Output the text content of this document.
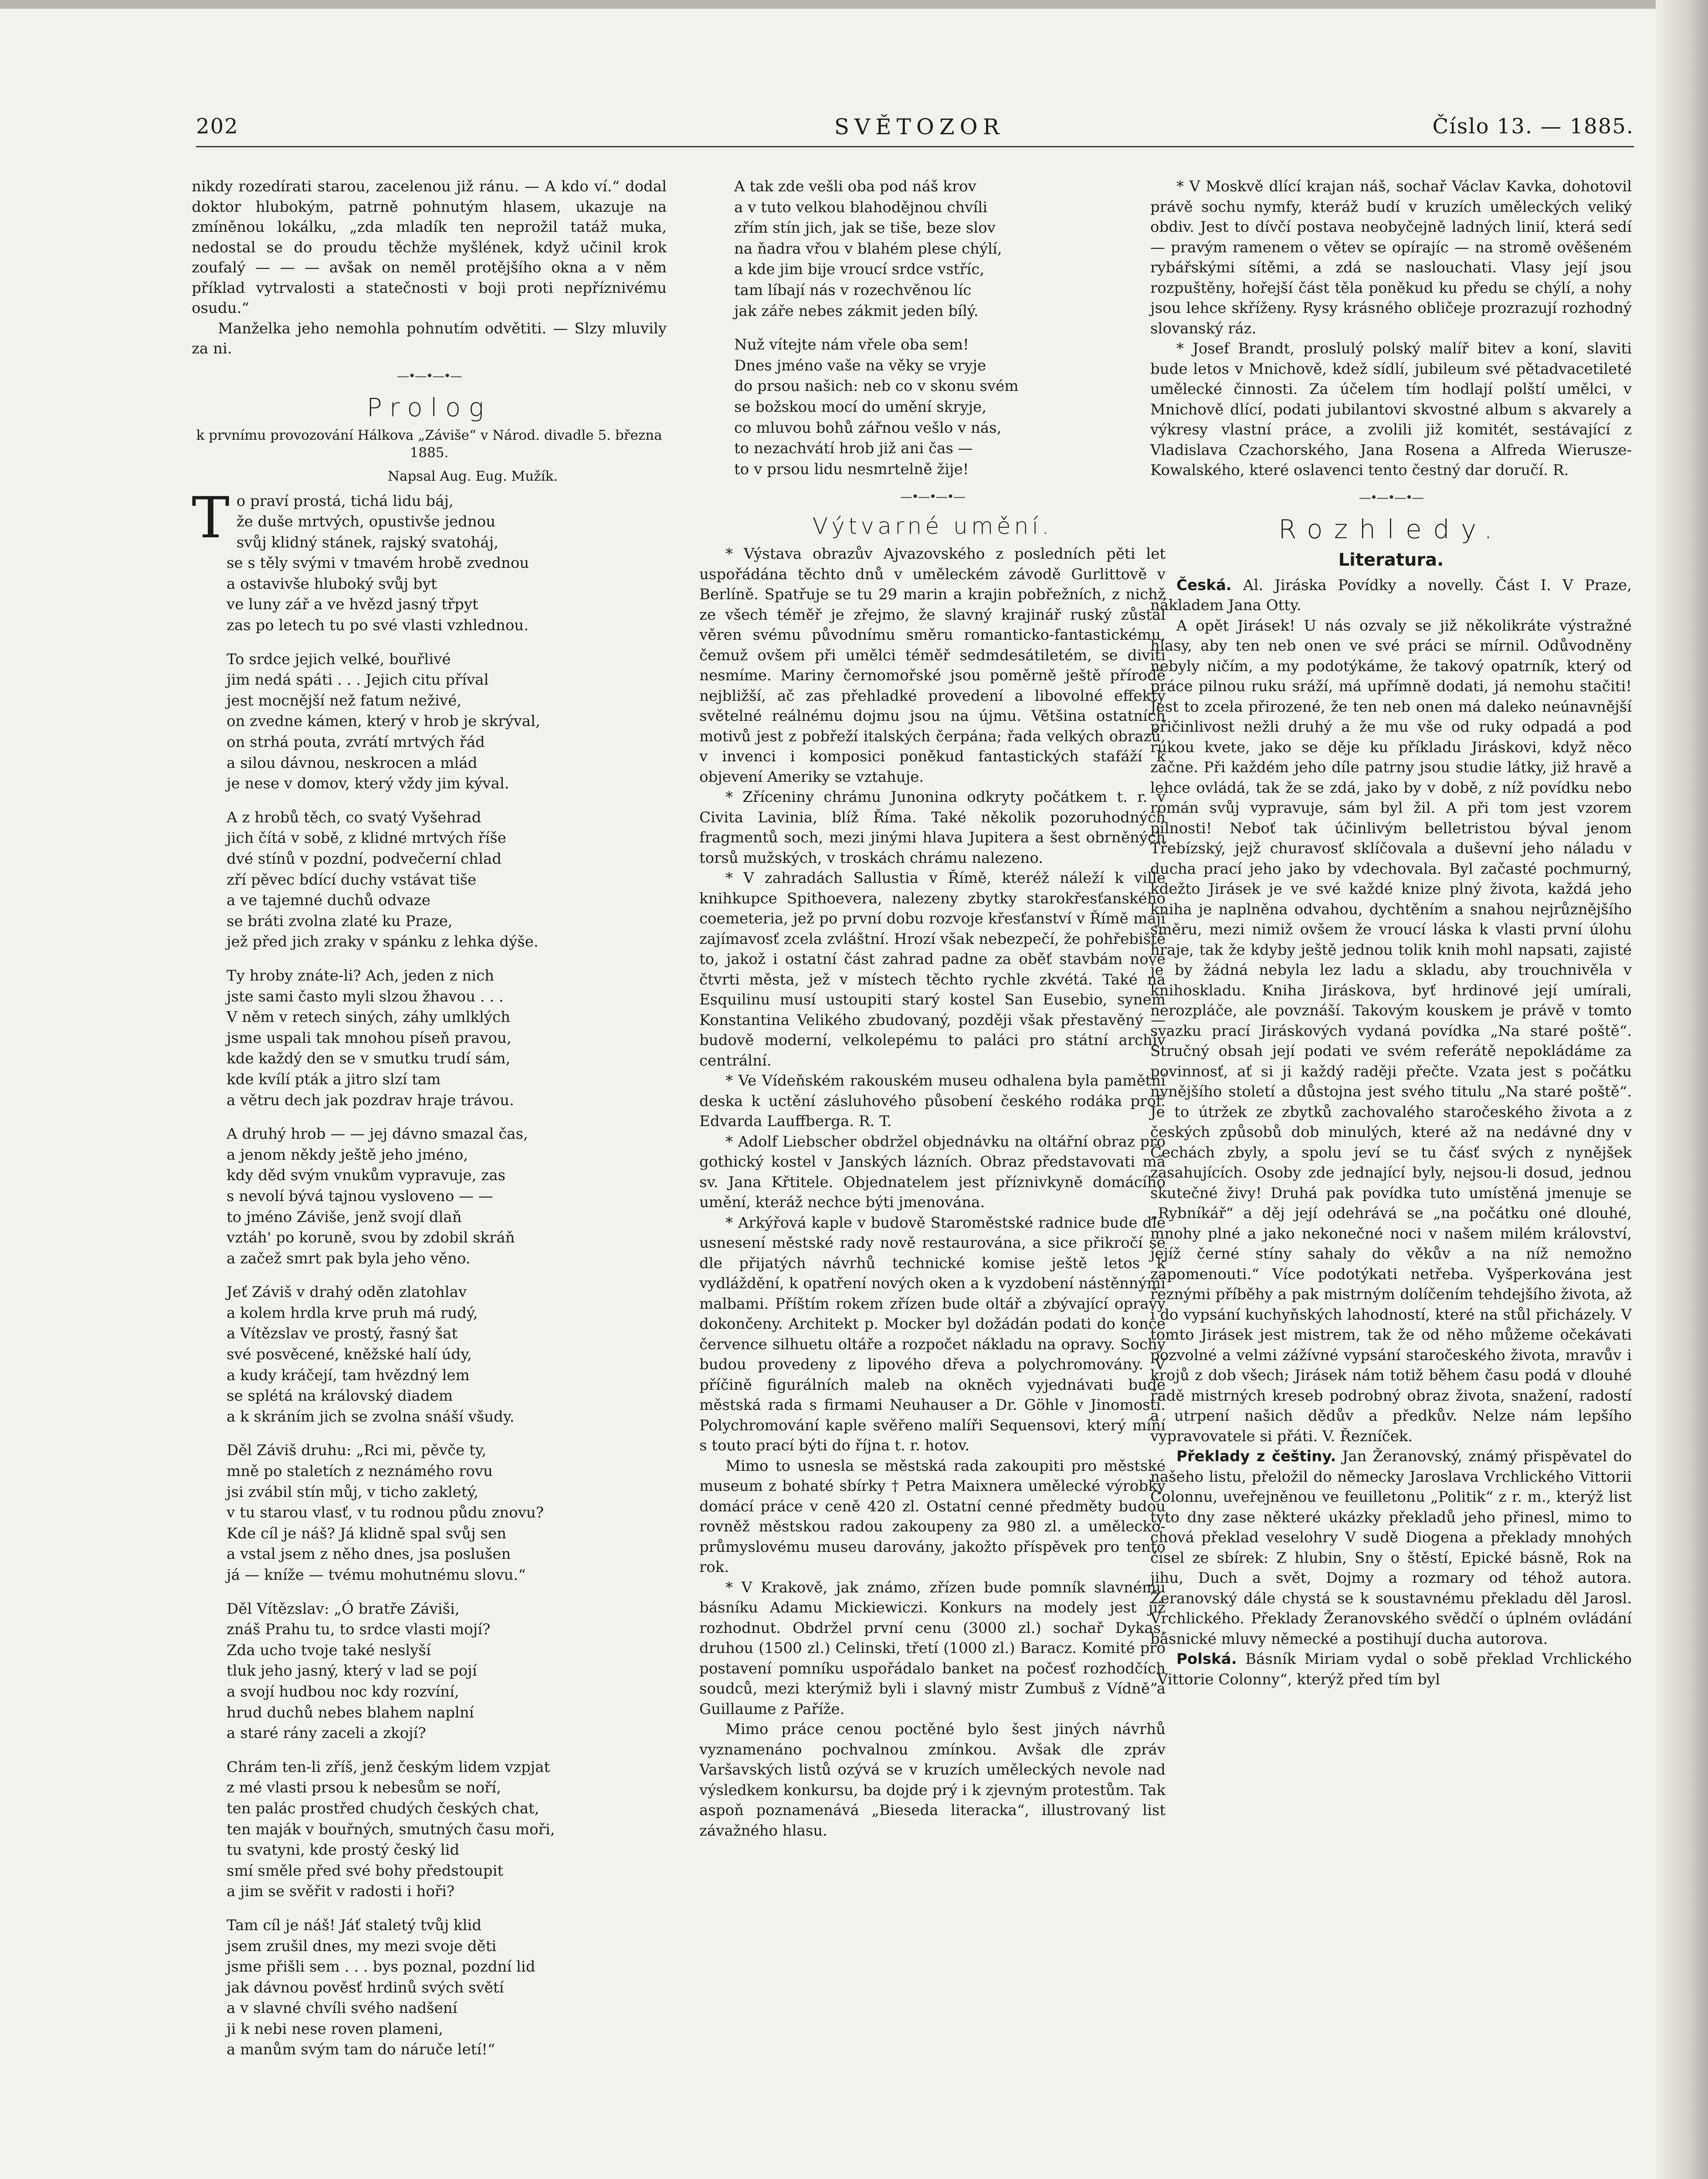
202	SVĚTOZOR	Číslo 13. — 1885.

nikdy rozedírati starou, zacelenou již ránu. — A kdo ví.“ dodal doktor hlubokým, patrně pohnutým hlasem, ukazuje na zmíněnou lokálku, „zda mladík ten neprožil tatáž muka, nedostal se do proudu těchže myšlének, když učinil krok zoufalý — — — avšak on neměl protějšího okna a v něm příklad vytrvalosti a statečnosti v boji proti nepříznivému osudu.“

Manželka jeho nemohla pohnutím odvětiti. — Slzy mluvily za ni.

—•—•—•—
Prolog
k prvnímu provozování Hálkova „Záviše“ v Národ. divadle 5. března 1885.
Napsal Aug. Eug. Mužík.
To praví prostá, tichá lidu báj,
že duše mrtvých, opustivše jednou
svůj klidný stánek, rajský svatoháj,
se s těly svými v tmavém hrobě zvednou
a ostavivše hluboký svůj byt
ve luny zář a ve hvězd jasný třpyt
zas po letech tu po své vlasti vzhlednou.
To srdce jejich velké, bouřlivé
jim nedá spáti . . . Jejich citu příval
jest mocnější než fatum neživé,
on zvedne kámen, který v hrob je skrýval,
on strhá pouta, zvrátí mrtvých řád
a silou dávnou, neskrocen a mlád
je nese v domov, který vždy jim kýval.
A z hrobů těch, co svatý Vyšehrad
jich čítá v sobě, z klidné mrtvých říše
dvé stínů v pozdní, podvečerní chlad
zří pěvec bdící duchy vstávat tiše
a ve tajemné duchů odvaze
se bráti zvolna zlaté ku Praze,
jež před jich zraky v spánku z lehka dýše.
Ty hroby znáte-li? Ach, jeden z nich
jste sami často myli slzou žhavou . . .
V něm v retech siných, záhy umlklých
jsme uspali tak mnohou píseň pravou,
kde každý den se v smutku trudí sám,
kde kvílí pták a jitro slzí tam
a větru dech jak pozdrav hraje trávou.
A druhý hrob — — jej dávno smazal čas,
a jenom někdy ještě jeho jméno,
kdy děd svým vnukům vypravuje, zas
s nevolí bývá tajnou vysloveno — —
to jméno Záviše, jenž svojí dlaň
vztáh' po koruně, svou by zdobil skráň
a začež smrt pak byla jeho věno.
Jeť Záviš v drahý oděn zlatohlav
a kolem hrdla krve pruh má rudý,
a Vítězslav ve prostý, řasný šat
své posvěcené, kněžské halí údy,
a kudy kráčejí, tam hvězdný lem
se splétá na královský diadem
a k skráním jich se zvolna snáší všudy.
Děl Záviš druhu: „Rci mi, pěvče ty,
mně po staletích z neznámého rovu
jsi zvábil stín můj, v ticho zakletý,
v tu starou vlasť, v tu rodnou půdu znovu?
Kde cíl je náš? Já klidně spal svůj sen
a vstal jsem z něho dnes, jsa poslušen
já — kníže — tvému mohutnému slovu.“
Děl Vítězslav: „Ó bratře Záviši,
znáš Prahu tu, to srdce vlasti mojí?
Zda ucho tvoje také neslyší
tluk jeho jasný, který v lad se pojí
a svojí hudbou noc kdy rozvíní,
hrud duchů nebes blahem naplní
a staré rány zaceli a zkojí?
Chrám ten-li zříš, jenž českým lidem vzpjat
z mé vlasti prsou k nebesům se noří,
ten palác prostřed chudých českých chat,
ten maják v bouřných, smutných času moři,
tu svatyni, kde prostý český lid
smí směle před své bohy předstoupit
a jim se svěřit v radosti i hoři?
Tam cíl je náš! Jáť staletý tvůj klid
jsem zrušil dnes, my mezi svoje děti
jsme přišli sem . . . bys poznal, pozdní lid
jak dávnou pověsť hrdinů svých světí
a v slavné chvíli svého nadšení
ji k nebi nese roven plameni,
a manům svým tam do náruče letí!“
A tak zde vešli oba pod náš krov
a v tuto velkou blahodějnou chvíli
zřím stín jich, jak se tiše, beze slov
na ňadra vřou v blahém plese chýlí,
a kde jim bije vroucí srdce vstříc,
tam líbají nás v rozechvěnou líc
jak záře nebes zákmit jeden bílý.
Nuž vítejte nám vřele oba sem!
Dnes jméno vaše na věky se vryje
do prsou našich: neb co v skonu svém
se božskou mocí do umění skryje,
co mluvou bohů zářnou vešlo v nás,
to nezachvátí hrob již ani čas —
to v prsou lidu nesmrtelně žije!
—•—•—•—
Výtvarné umění.

* Výstava obrazův Ajvazovského z posledních pěti let uspořádána těchto dnů v uměleckém závodě Gurlittově v Berlíně. Spatřuje se tu 29 marin a krajin pobřežních, z nichž ze všech téměř je zřejmo, že slavný krajinář ruský zůstal věren svému původnímu směru romanticko-fantastickému, čemuž ovšem při umělci téměř sedmdesátiletém, se diviti nesmíme. Mariny černomořské jsou poměrně ještě přírodě nejbližší, ač zas přehladké provedení a libovolné effekty světelné reálnému dojmu jsou na újmu. Většina ostatních motivů jest z pobřeží italských čerpána; řada velkých obrazů, v invenci i komposici poněkud fantastických stafáží k objevení Ameriky se vztahuje.

* Zříceniny chrámu Junonina odkryty počátkem t. r. v Civita Lavinia, blíž Říma. Také několik pozoruhodných fragmentů soch, mezi jinými hlava Jupitera a šest obrněných torsů mužských, v troskách chrámu nalezeno.

* V zahradách Sallustia v Římě, kteréž náleží k ville knihkupce Spithoevera, nalezeny zbytky starokřesťanského coemeteria, jež po první dobu rozvoje křesťanství v Římě mají zajímavosť zcela zvláštní. Hrozí však nebezpečí, že pohřebiště to, jakož i ostatní část zahrad padne za oběť stavbám nové čtvrti města, jež v místech těchto rychle zkvétá. Také na Esquilinu musí ustoupiti starý kostel San Eusebio, synem Konstantina Velikého zbudovaný, později však přestavěný — budově moderní, velkolepému to paláci pro státní archiv centrální.

* Ve Vídeňském rakouském museu odhalena byla pamětní deska k uctění zásluhového působení českého rodáka prof. Edvarda Lauffberga. R. T.

* Adolf Liebscher obdržel objednávku na oltářní obraz pro gothický kostel v Janských lázních. Obraz představovati má sv. Jana Křtitele. Objednatelem jest příznivkyně domácího umění, kteráž nechce býti jmenována.

* Arkýřová kaple v budově Staroměstské radnice bude dle usnesení městské rady nově restaurována, a sice přikročí se dle přijatých návrhů technické komise ještě letos k vydláždění, k opatření nových oken a k vyzdobení nástěnnými malbami. Příštím rokem zřízen bude oltář a zbývající opravy dokončeny. Architekt p. Mocker byl dožádán podati do konce července silhuetu oltáře a rozpočet nákladu na opravy. Sochy budou provedeny z lipového dřeva a polychromovány. V příčině figurálních maleb na okněch vyjednávati bude městská rada s firmami Neuhauser a Dr. Göhle v Jinomostí. Polychromování kaple svěřeno malíři Sequensovi, který míní s touto prací býti do října t. r. hotov.

Mimo to usnesla se městská rada zakoupiti pro městské museum z bohaté sbírky † Petra Maixnera umělecké výrobky domácí práce v ceně 420 zl. Ostatní cenné předměty budou rovněž městskou radou zakoupeny za 980 zl. a umělecko-průmyslovému museu darovány, jakožto příspěvek pro tento rok.

* V Krakově, jak známo, zřízen bude pomník slavnému básníku Adamu Mickiewiczi. Konkurs na modely jest již rozhodnut. Obdržel první cenu (3000 zl.) sochař Dykas, druhou (1500 zl.) Celinski, třetí (1000 zl.) Baracz. Komité pro postavení pomníku uspořádalo banket na počesť rozhodčích soudců, mezi kterýmiž byli i slavný mistr Zumbuš z Vídně a Guillaume z Paříže.

Mimo práce cenou poctěné bylo šest jiných návrhů vyznamenáno pochvalnou zmínkou. Avšak dle zpráv Varšavských listů ozývá se v kruzích uměleckých nevole nad výsledkem konkursu, ba dojde prý i k zjevným protestům. Tak aspoň poznamenává „Bieseda literacka“, illustrovaný list závažného hlasu.

* V Moskvě dlící krajan náš, sochař Václav Kavka, dohotovil právě sochu nymfy, kteráž budí v kruzích uměleckých veliký obdiv. Jest to dívčí postava neobyčejně ladných linií, která sedí — pravým ramenem o větev se opírajíc — na stromě ověšeném rybářskými sítěmi, a zdá se naslouchati. Vlasy její jsou rozpuštěny, hořejší část těla poněkud ku předu se chýlí, a nohy jsou lehce skříženy. Rysy krásného obličeje prozrazují rozhodný slovanský ráz.

* Josef Brandt, proslulý polský malíř bitev a koní, slaviti bude letos v Mnichově, kdež sídlí, jubileum své pětadvacetileté umělecké činnosti. Za účelem tím hodlají polští umělci, v Mnichově dlící, podati jubilantovi skvostné album s akvarely a výkresy vlastní práce, a zvolili již komitét, sestávající z Vladislava Czachorského, Jana Rosena a Alfreda Wierusze-Kowalského, které oslavenci tento čestný dar doručí. R.

—•—•—•—
Rozhledy.
Literatura.

Česká. Al. Jiráska Povídky a novelly. Část I. V Praze, nákladem Jana Otty.

A opět Jirásek! U nás ozvaly se již několikráte výstražné hlasy, aby ten neb onen ve své práci se mírnil. Odůvodněny nebyly ničím, a my podotýkáme, že takový opatrník, který od práce pilnou ruku sráží, má upřímně dodati, já nemohu stačiti! Jest to zcela přirozené, že ten neb onen má daleko neúnavnější přičinlivost nežli druhý a že mu vše od ruky odpadá a pod rukou kvete, jako se děje ku příkladu Jiráskovi, když něco začne. Při každém jeho díle patrny jsou studie látky, již hravě a lehce ovládá, tak že se zdá, jako by v době, z níž povídku nebo román svůj vypravuje, sám byl žil. A při tom jest vzorem pilnosti! Neboť tak účinlivým belletristou býval jenom Třebízský, jejž churavosť sklíčovala a duševní jeho náladu v ducha prací jeho jako by vdechovala. Byl začasté pochmurný, kdežto Jirásek je ve své každé knize plný života, každá jeho kniha je naplněna odvahou, dychtěním a snahou nejrůznějšího směru, mezi nimiž ovšem že vroucí láska k vlasti první úlohu hraje, tak že kdyby ještě jednou tolik knih mohl napsati, zajisté je by žádná nebyla lez ladu a skladu, aby trouchnivěla v knihoskladu. Kniha Jiráskova, byť hrdinové její umírali, nerozpláče, ale povznáší. Takovým kouskem je právě v tomto svazku prací Jiráskových vydaná povídka „Na staré poště“. Stručný obsah její podati ve svém referátě nepokládáme za povinnosť, ať si ji každý raději přečte. Vzata jest s počátku nynějšího století a důstojna jest svého titulu „Na staré poště“. Je to útržek ze zbytků zachovalého staročeského života a z českých způsobů dob minulých, které až na nedávné dny v Čechách zbyly, a spolu jeví se tu čásť svých z nynějšek zasahujících. Osoby zde jednající byly, nejsou-li dosud, jednou skutečné živy! Druhá pak povídka tuto umístěná jmenuje se „Rybníkář“ a děj její odehrává se „na počátku oné dlouhé, mnohy plné a jako nekonečné noci v našem milém království, jejíž černé stíny sahaly do věkův a na níž nemožno zapomenouti.“ Více podotýkati netřeba. Vyšperkována jest řeznými příběhy a pak mistrným dolíčením tehdejšího života, až i do vypsání kuchyňských lahodností, které na stůl přicházely. V tomto Jirásek jest mistrem, tak že od něho můžeme očekávati pozvolné a velmi zážívné vypsání staročeského života, mravův i krojů z dob všech; Jirásek nám totiž během času podá v dlouhé řadě mistrných kreseb podrobný obraz života, snažení, radostí a utrpení našich dědův a předkův. Nelze nám lepšího vypravovatele si přáti. V. Řezníček.

Překlady z češtiny. Jan Žeranovský, známý přispěvatel do našeho listu, přeložil do německy Jaroslava Vrchlického Vittorii Colonnu, uveřejněnou ve feuilletonu „Politik“ z r. m., kterýž list tyto dny zase některé ukázky překladů jeho přinesl, mimo to chová překlad veselohry V sudě Diogena a překlady mnohých čísel ze sbírek: Z hlubin, Sny o štěstí, Epické básně, Rok na jihu, Duch a svět, Dojmy a rozmary od téhož autora. Žeranovský dále chystá se k soustavnému překladu děl Jarosl. Vrchlického. Překlady Žeranovského svědčí o úplném ovládání básnické mluvy německé a postihují ducha autorova.

Polská. Básník Miriam vydal o sobě překlad Vrchlického „Vittorie Colonny“, kterýž před tím byl
